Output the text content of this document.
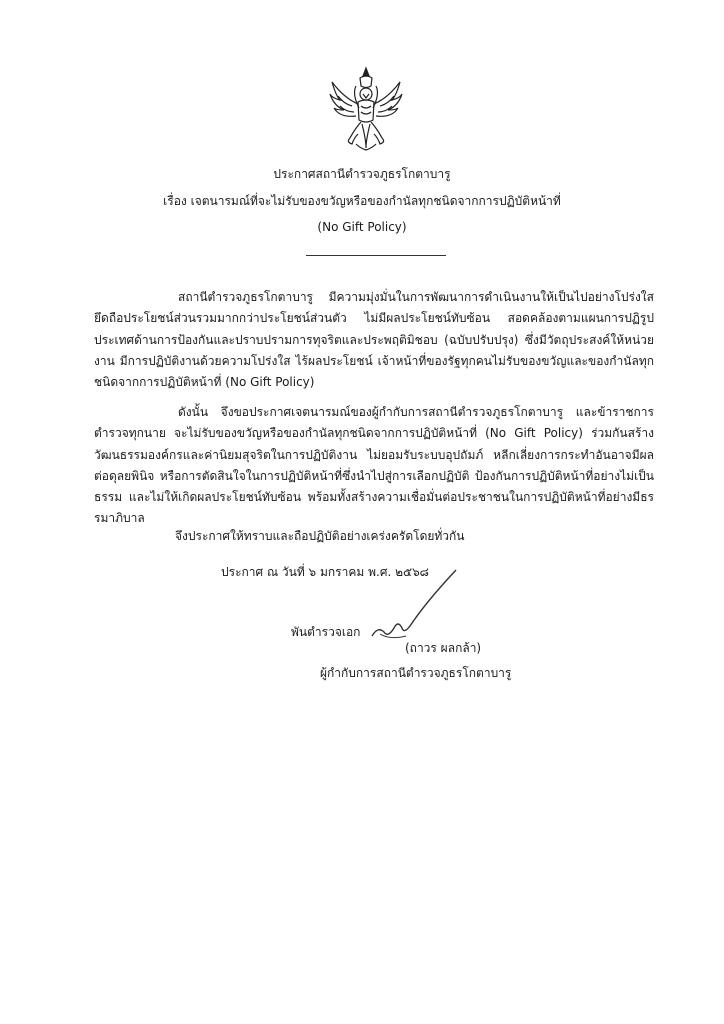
ประกาศสถานีตำรวจภูธรโกตาบารู
เรื่อง เจตนารมณ์ที่จะไม่รับของขวัญหรือของกำนัลทุกชนิดจากการปฏิบัติหน้าที่
(No Gift Policy)
สถานีตำรวจภูธรโกตาบารู มีความมุ่งมั่นในการพัฒนาการดำเนินงานให้เป็นไปอย่างโปร่งใส ยึดถือประโยชน์ส่วนรวมมากกว่าประโยชน์ส่วนตัว ไม่มีผลประโยชน์ทับซ้อน สอดคล้องตามแผนการปฏิรูปประเทศด้านการป้องกันและปราบปรามการทุจริตและประพฤติมิชอบ (ฉบับปรับปรุง) ซึ่งมีวัตถุประสงค์ให้หน่วยงาน มีการปฏิบัติงานด้วยความโปร่งใส ไร้ผลประโยชน์ เจ้าหน้าที่ของรัฐทุกคนไม่รับของขวัญและของกำนัลทุกชนิดจากการปฏิบัติหน้าที่ (No Gift Policy)
ดังนั้น จึงขอประกาศเจตนารมณ์ของผู้กำกับการสถานีตำรวจภูธรโกตาบารู และข้าราชการตำรวจทุกนาย จะไม่รับของขวัญหรือของกำนัลทุกชนิดจากการปฏิบัติหน้าที่ (No Gift Policy) ร่วมกันสร้างวัฒนธรรมองค์กรและค่านิยมสุจริตในการปฏิบัติงาน ไม่ยอมรับระบบอุปถัมภ์ หลีกเลี่ยงการกระทำอันอาจมีผลต่อดุลยพินิจ หรือการตัดสินใจในการปฏิบัติหน้าที่ซึ่งนำไปสู่การเลือกปฏิบัติ ป้องกันการปฏิบัติหน้าที่อย่างไม่เป็นธรรม และไม่ให้เกิดผลประโยชน์ทับซ้อน พร้อมทั้งสร้างความเชื่อมั่นต่อประชาชนในการปฏิบัติหน้าที่อย่างมีธรรมาภิบาล
จึงประกาศให้ทราบและถือปฏิบัติอย่างเคร่งครัดโดยทั่วกัน
ประกาศ ณ วันที่ ๖ มกราคม พ.ศ. ๒๕๖๘
พันตำรวจเอก
(ถาวร ผลกล้า)
ผู้กำกับการสถานีตำรวจภูธรโกตาบารู
